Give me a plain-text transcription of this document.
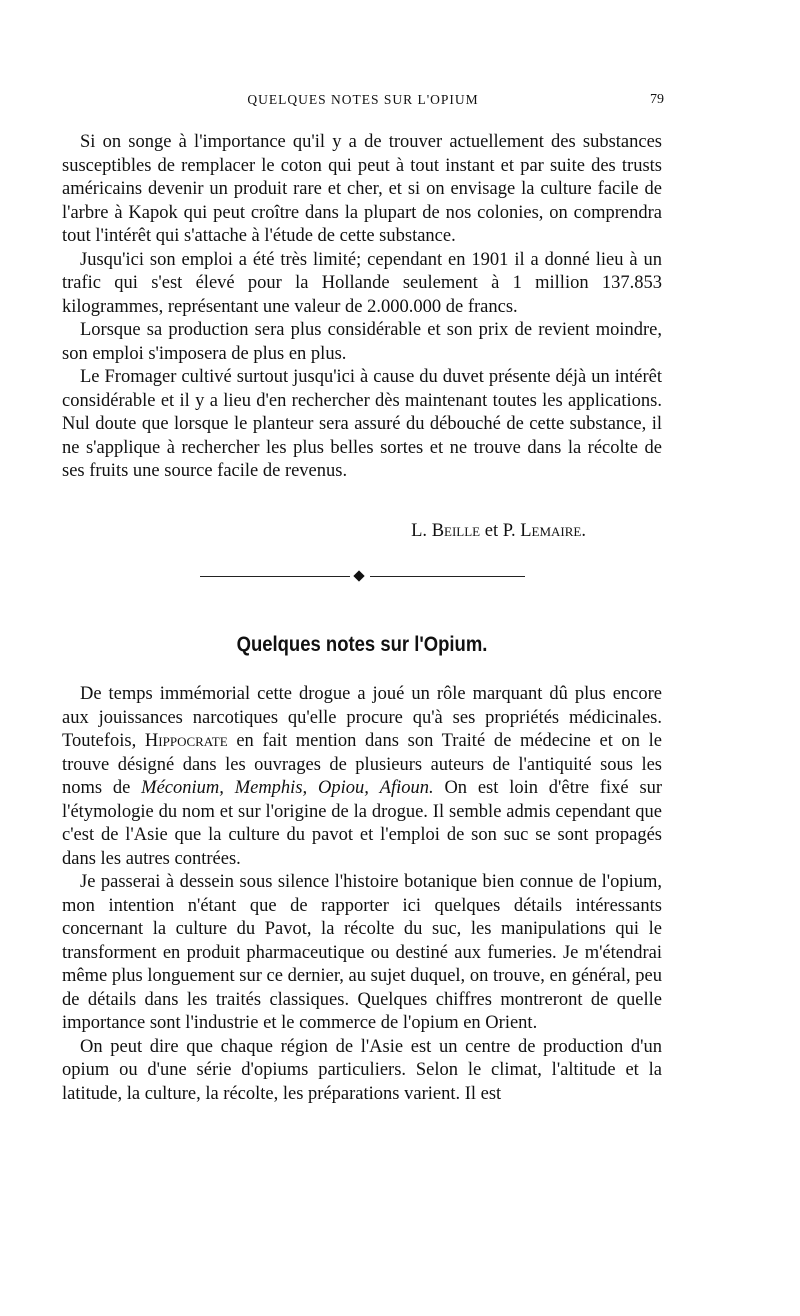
QUELQUES NOTES SUR L'OPIUM	79

Si on songe à l'importance qu'il y a de trouver actuellement des substances susceptibles de remplacer le coton qui peut à tout instant et par suite des trusts américains devenir un produit rare et cher, et si on envisage la culture facile de l'arbre à Kapok qui peut croître dans la plupart de nos colonies, on comprendra tout l'intérêt qui s'attache à l'étude de cette substance.

Jusqu'ici son emploi a été très limité; cependant en 1901 il a donné lieu à un trafic qui s'est élevé pour la Hollande seulement à 1 million 137.853 kilogrammes, représentant une valeur de 2.000.000 de francs.

Lorsque sa production sera plus considérable et son prix de revient moindre, son emploi s'imposera de plus en plus.

Le Fromager cultivé surtout jusqu'ici à cause du duvet présente déjà un intérêt considérable et il y a lieu d'en rechercher dès maintenant toutes les applications. Nul doute que lorsque le planteur sera assuré du débouché de cette substance, il ne s'applique à rechercher les plus belles sortes et ne trouve dans la récolte de ses fruits une source facile de revenus.

L. Beille et P. Lemaire.
Quelques notes sur l'Opium.

De temps immémorial cette drogue a joué un rôle marquant dû plus encore aux jouissances narcotiques qu'elle procure qu'à ses propriétés médicinales. Toutefois, Hippocrate en fait mention dans son Traité de médecine et on le trouve désigné dans les ouvrages de plusieurs auteurs de l'antiquité sous les noms de Méconium, Memphis, Opiou, Afioun. On est loin d'être fixé sur l'étymologie du nom et sur l'origine de la drogue. Il semble admis cependant que c'est de l'Asie que la culture du pavot et l'emploi de son suc se sont propagés dans les autres contrées.

Je passerai à dessein sous silence l'histoire botanique bien connue de l'opium, mon intention n'étant que de rapporter ici quelques détails intéressants concernant la culture du Pavot, la récolte du suc, les manipulations qui le transforment en produit pharmaceutique ou destiné aux fumeries. Je m'étendrai même plus longuement sur ce dernier, au sujet duquel, on trouve, en général, peu de détails dans les traités classiques. Quelques chiffres montreront de quelle importance sont l'industrie et le commerce de l'opium en Orient.

On peut dire que chaque région de l'Asie est un centre de production d'un opium ou d'une série d'opiums particuliers. Selon le climat, l'altitude et la latitude, la culture, la récolte, les préparations varient. Il est
